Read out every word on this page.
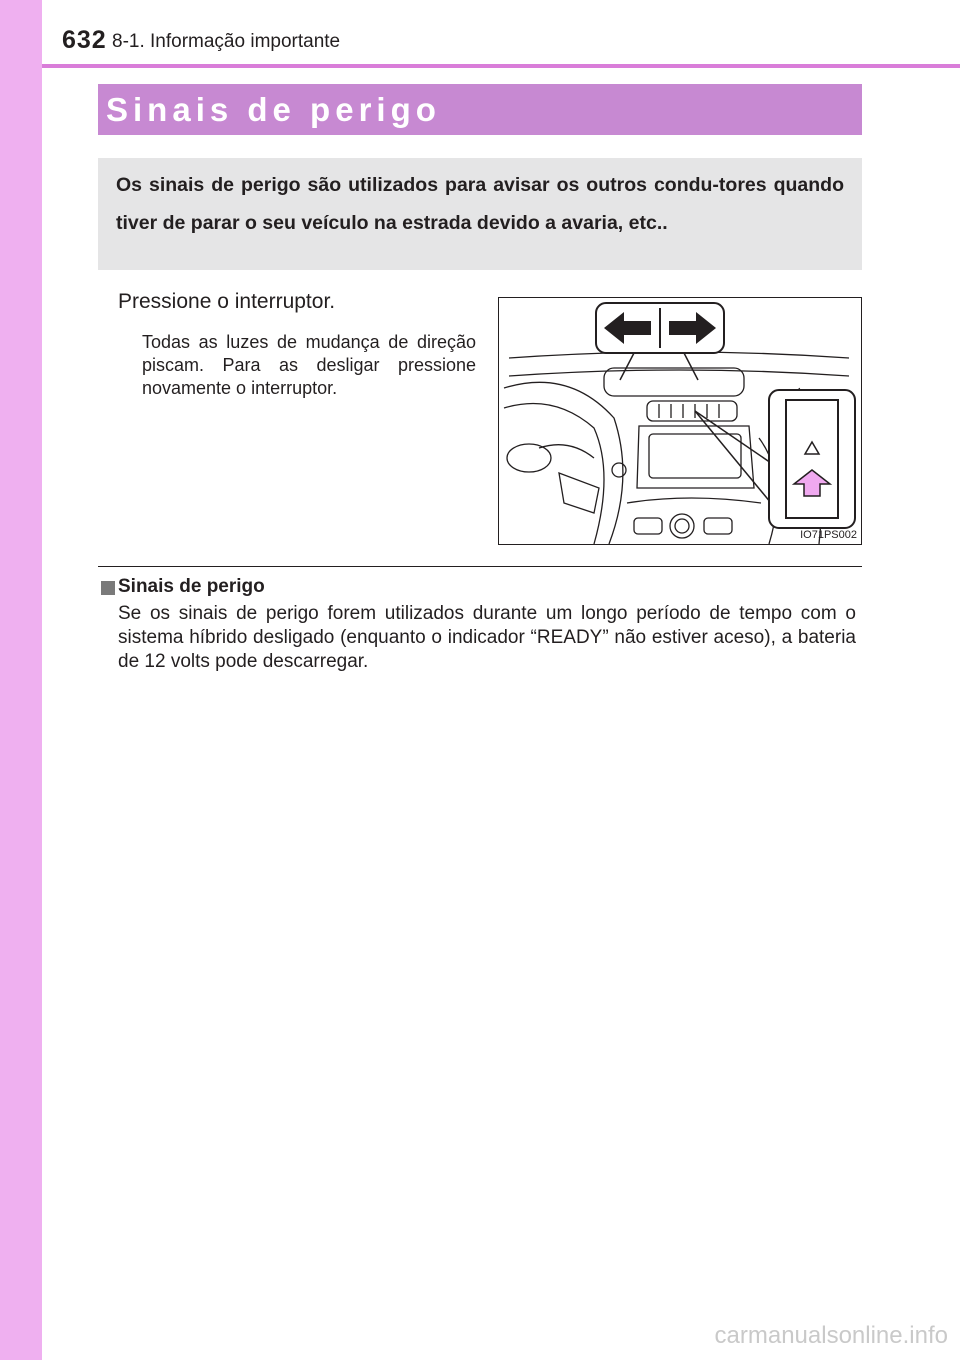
632 8-1. Informação importante
Sinais de perigo
Os sinais de perigo são utilizados para avisar os outros condu-tores quando tiver de parar o seu veículo na estrada devido a avaria, etc..
Pressione o interruptor.
Todas as luzes de mudança de direção piscam. Para as desligar pressione novamente o interruptor.
IO71PS002
Sinais de perigo
Se os sinais de perigo forem utilizados durante um longo período de tempo com o sistema híbrido desligado (enquanto o indicador “READY” não estiver aceso), a bateria de 12 volts pode descarregar.
carmanualsonline.info
